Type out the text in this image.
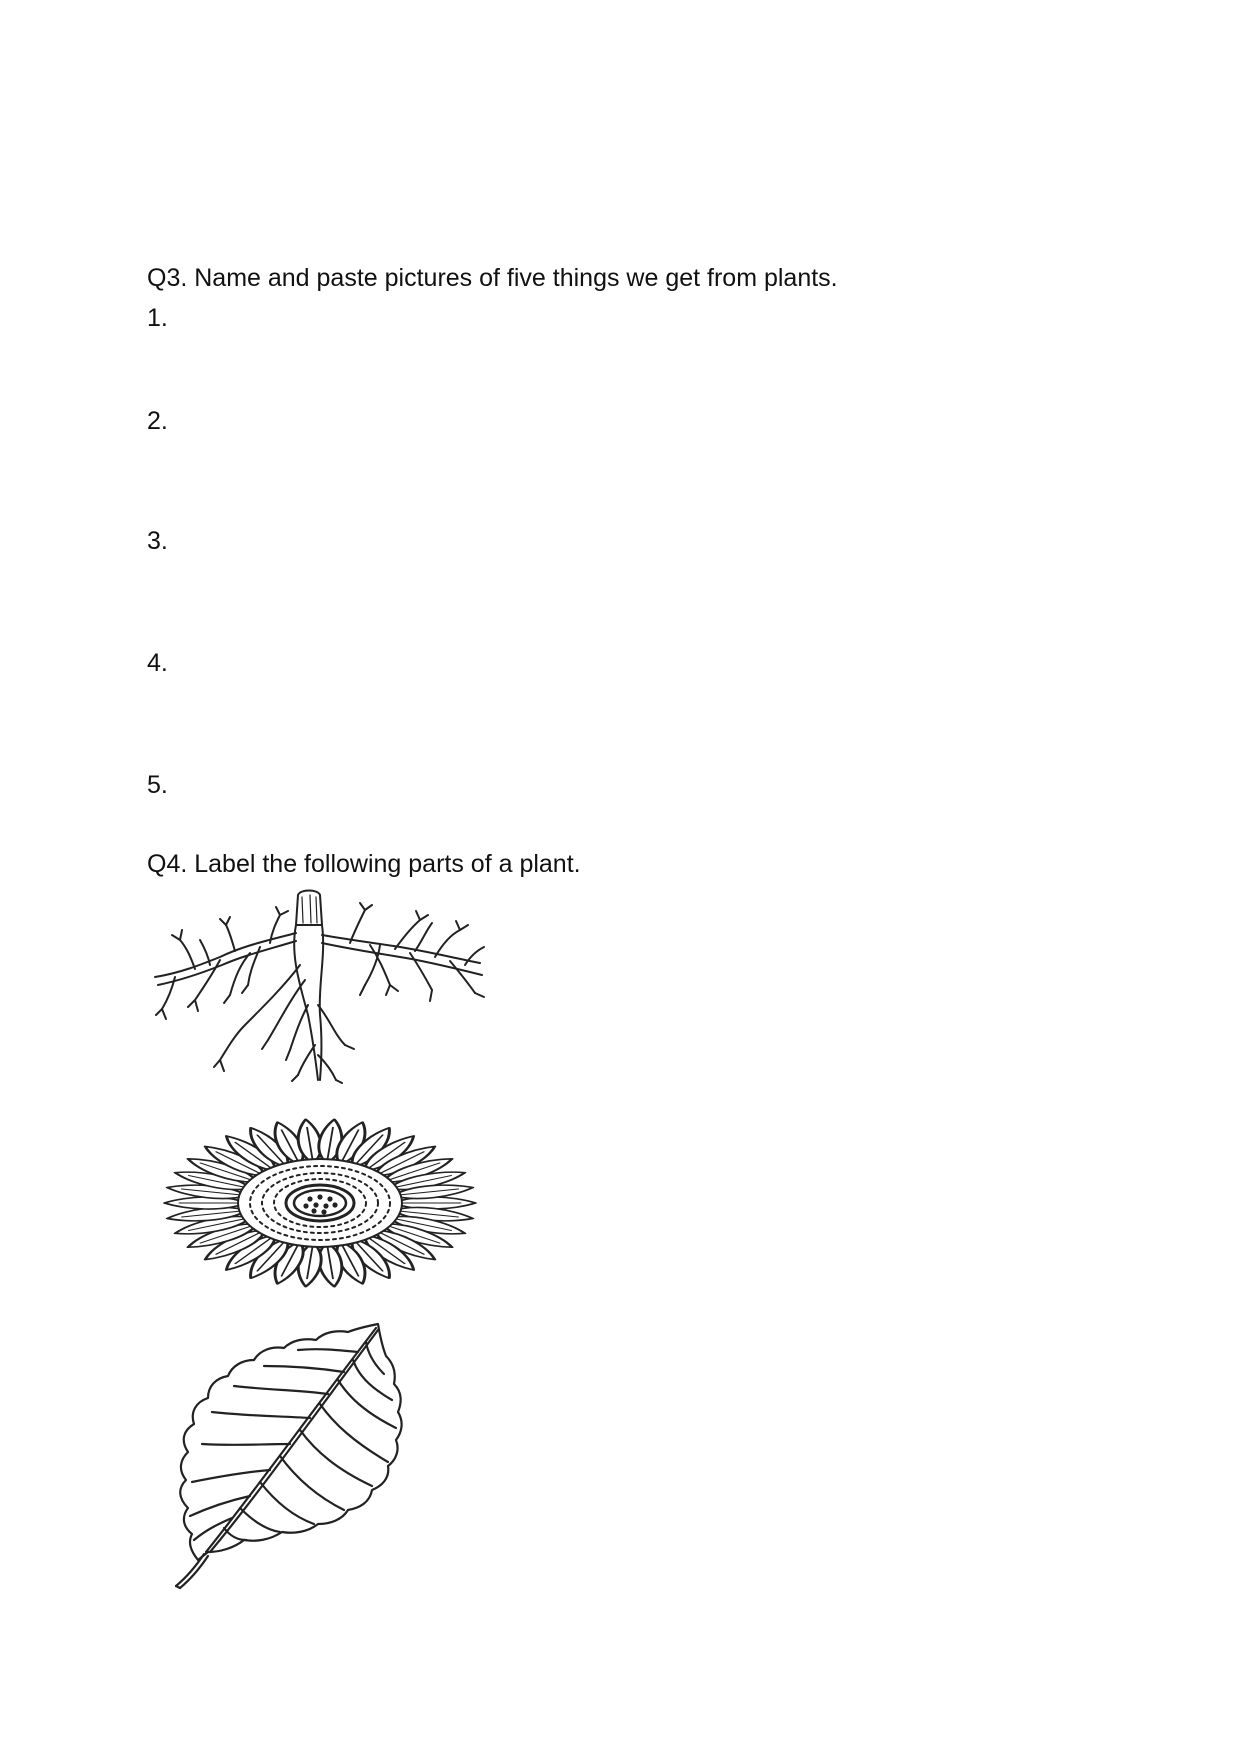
Q3. Name and paste pictures of five things we get from plants.
1.
2.
3.
4.
5.
Q4. Label the following parts of a plant.
